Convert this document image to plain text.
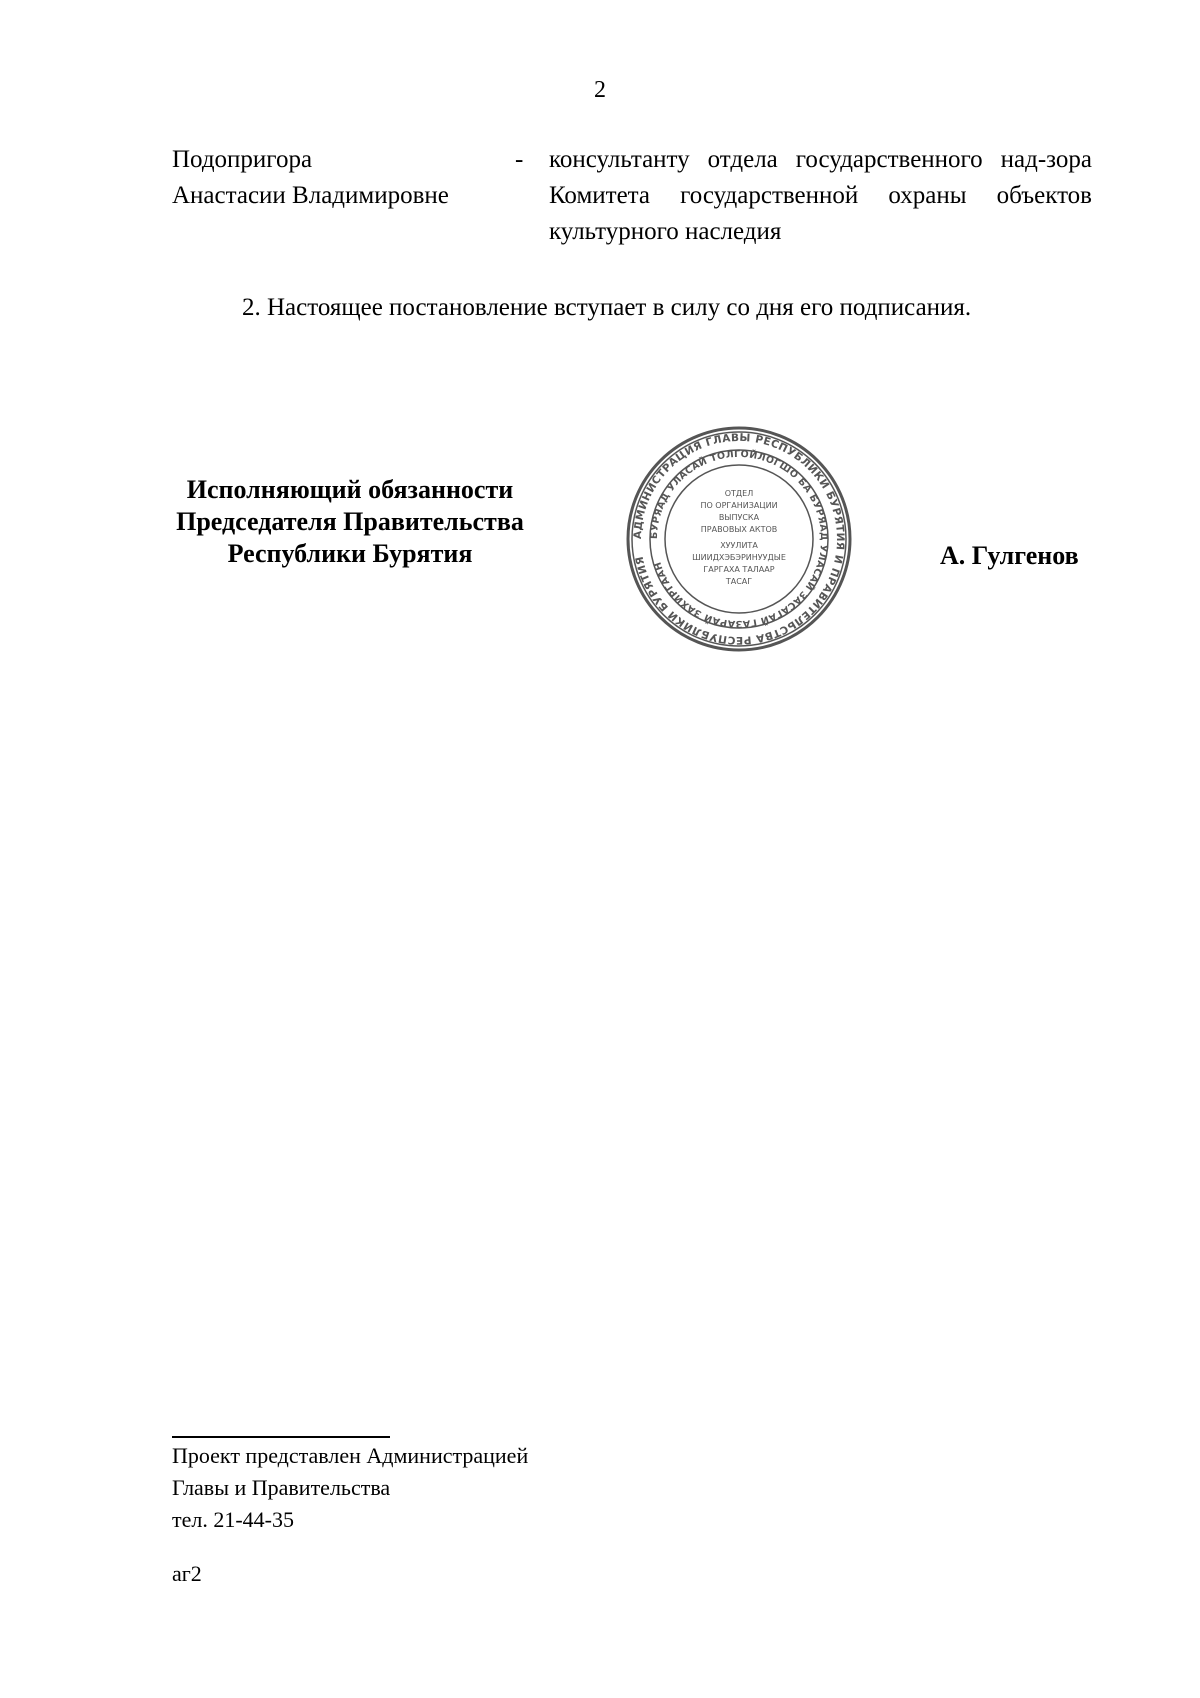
2
Подопригора
Анастасии Владимировне
- консультанту отдела государственного над-зора Комитета государственной охраны объектов культурного наследия
2. Настоящее постановление вступает в силу со дня его подписания.
Исполняющий обязанности
Председателя Правительства
Республики Бурятия
АДМИНИСТРАЦИЯ ГЛАВЫ РЕСПУБЛИКИ БУРЯТИЯ И ПРАВИТЕЛЬСТВА РЕСПУБЛИКИ БУРЯТИЯ
БУРЯАД УЛАСАЙ ТОЛГОЙЛОГШО БА БУРЯАД УЛАСАЙ ЗАСАГАЙ ГАЗАРАЙ ЗАХИРГААН
ОТДЕЛ
ПО ОРГАНИЗАЦИИ
ВЫПУСКА
ПРАВОВЫХ АКТОВ
ХУУЛИТА
ШИИДХЭБЭРИНУУДЫЕ
ГАРГАХА ТАЛААР
ТАСАГ
А. Гулгенов
Проект представлен Администрацией
Главы и Правительства
тел. 21-44-35
аг2
